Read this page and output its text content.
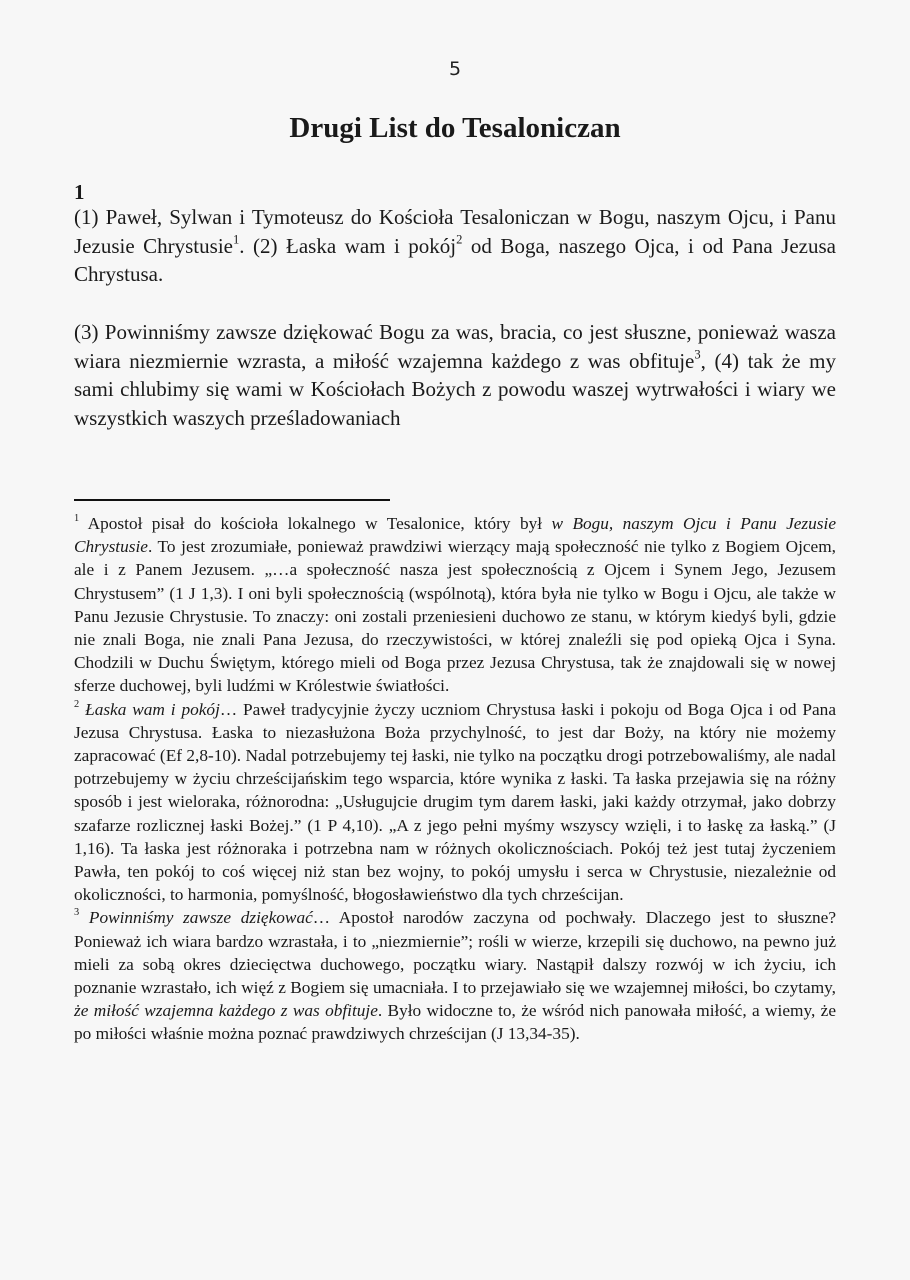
5
Drugi List do Tesaloniczan
1

(1) Paweł, Sylwan i Tymoteusz do Kościoła Tesaloniczan w Bogu, naszym Ojcu, i Panu Jezusie Chrystusie$^1$. (2) Łaska wam i pokój$^2$ od Boga, naszego Ojca, i od Pana Jezusa Chrystusa.

(3) Powinniśmy zawsze dziękować Bogu za was, bracia, co jest słuszne, ponieważ wasza wiara niezmiernie wzrasta, a miłość wzajemna każdego z was obfituje$^3$, (4) tak że my sami chlubimy się wami w Kościołach Bożych z powodu waszej wytrwałości i wiary we wszystkich waszych prześladowaniach

$^1$ Apostoł pisał do kościoła lokalnego w Tesalonice, który był w Bogu, naszym Ojcu i Panu Jezusie Chrystusie. To jest zrozumiałe, ponieważ prawdziwi wierzący mają społeczność nie tylko z Bogiem Ojcem, ale i z Panem Jezusem. „…a społeczność nasza jest społecznością z Ojcem i Synem Jego, Jezusem Chrystusem” (1 J 1,3). I oni byli społecznością (wspólnotą), która była nie tylko w Bogu i Ojcu, ale także w Panu Jezusie Chrystusie. To znaczy: oni zostali przeniesieni duchowo ze stanu, w którym kiedyś byli, gdzie nie znali Boga, nie znali Pana Jezusa, do rzeczywistości, w której znaleźli się pod opieką Ojca i Syna. Chodzili w Duchu Świętym, którego mieli od Boga przez Jezusa Chrystusa, tak że znajdowali się w nowej sferze duchowej, byli ludźmi w Królestwie światłości.

$^2$ Łaska wam i pokój… Paweł tradycyjnie życzy uczniom Chrystusa łaski i pokoju od Boga Ojca i od Pana Jezusa Chrystusa. Łaska to niezasłużona Boża przychylność, to jest dar Boży, na który nie możemy zapracować (Ef 2,8-10). Nadal potrzebujemy tej łaski, nie tylko na początku drogi potrzebowaliśmy, ale nadal potrzebujemy w życiu chrześcijańskim tego wsparcia, które wynika z łaski. Ta łaska przejawia się na różny sposób i jest wieloraka, różnorodna: „Usługujcie drugim tym darem łaski, jaki każdy otrzymał, jako dobrzy szafarze rozlicznej łaski Bożej.” (1 P 4,10). „A z jego pełni myśmy wszyscy wzięli, i to łaskę za łaską.” (J 1,16). Ta łaska jest różnoraka i potrzebna nam w różnych okolicznościach. Pokój też jest tutaj życzeniem Pawła, ten pokój to coś więcej niż stan bez wojny, to pokój umysłu i serca w Chrystusie, niezależnie od okoliczności, to harmonia, pomyślność, błogosławieństwo dla tych chrześcijan.

$^3$ Powinniśmy zawsze dziękować… Apostoł narodów zaczyna od pochwały. Dlaczego jest to słuszne? Ponieważ ich wiara bardzo wzrastała, i to „niezmiernie”; rośli w wierze, krzepili się duchowo, na pewno już mieli za sobą okres dziecięctwa duchowego, początku wiary. Nastąpił dalszy rozwój w ich życiu, ich poznanie wzrastało, ich więź z Bogiem się umacniała. I to przejawiało się we wzajemnej miłości, bo czytamy, że miłość wzajemna każdego z was obfituje. Było widoczne to, że wśród nich panowała miłość, a wiemy, że po miłości właśnie można poznać prawdziwych chrześcijan (J 13,34-35).
